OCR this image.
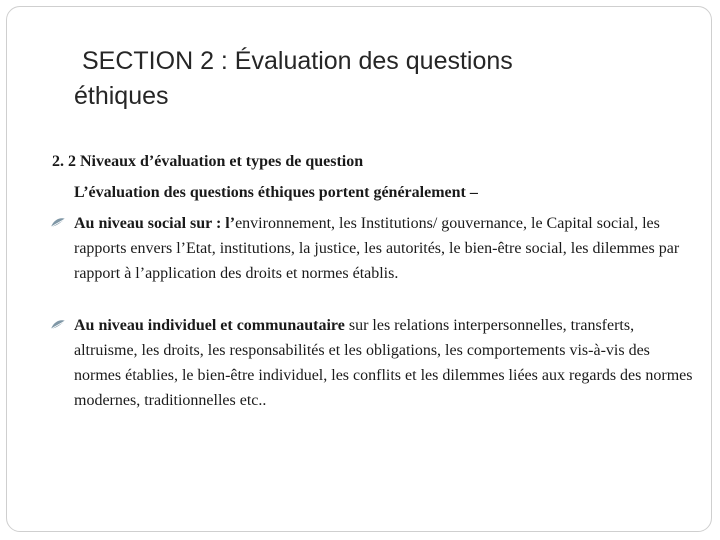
SECTION 2 : Évaluation des questions
éthiques
2. 2 Niveaux d’évaluation et types de question
L’évaluation des questions éthiques portent généralement –
Au niveau social sur : l’environnement, les Institutions/ gouvernance, le Capital social, les rapports envers l’Etat, institutions, la justice, les autorités, le bien-être social, les dilemmes par rapport à l’application des droits et normes établis.
Au niveau individuel et communautaire sur les relations interpersonnelles, transferts, altruisme, les droits, les responsabilités et les obligations, les comportements vis-à-vis des normes établies, le bien-être individuel, les conflits et les dilemmes liées aux regards des normes modernes, traditionnelles etc..
